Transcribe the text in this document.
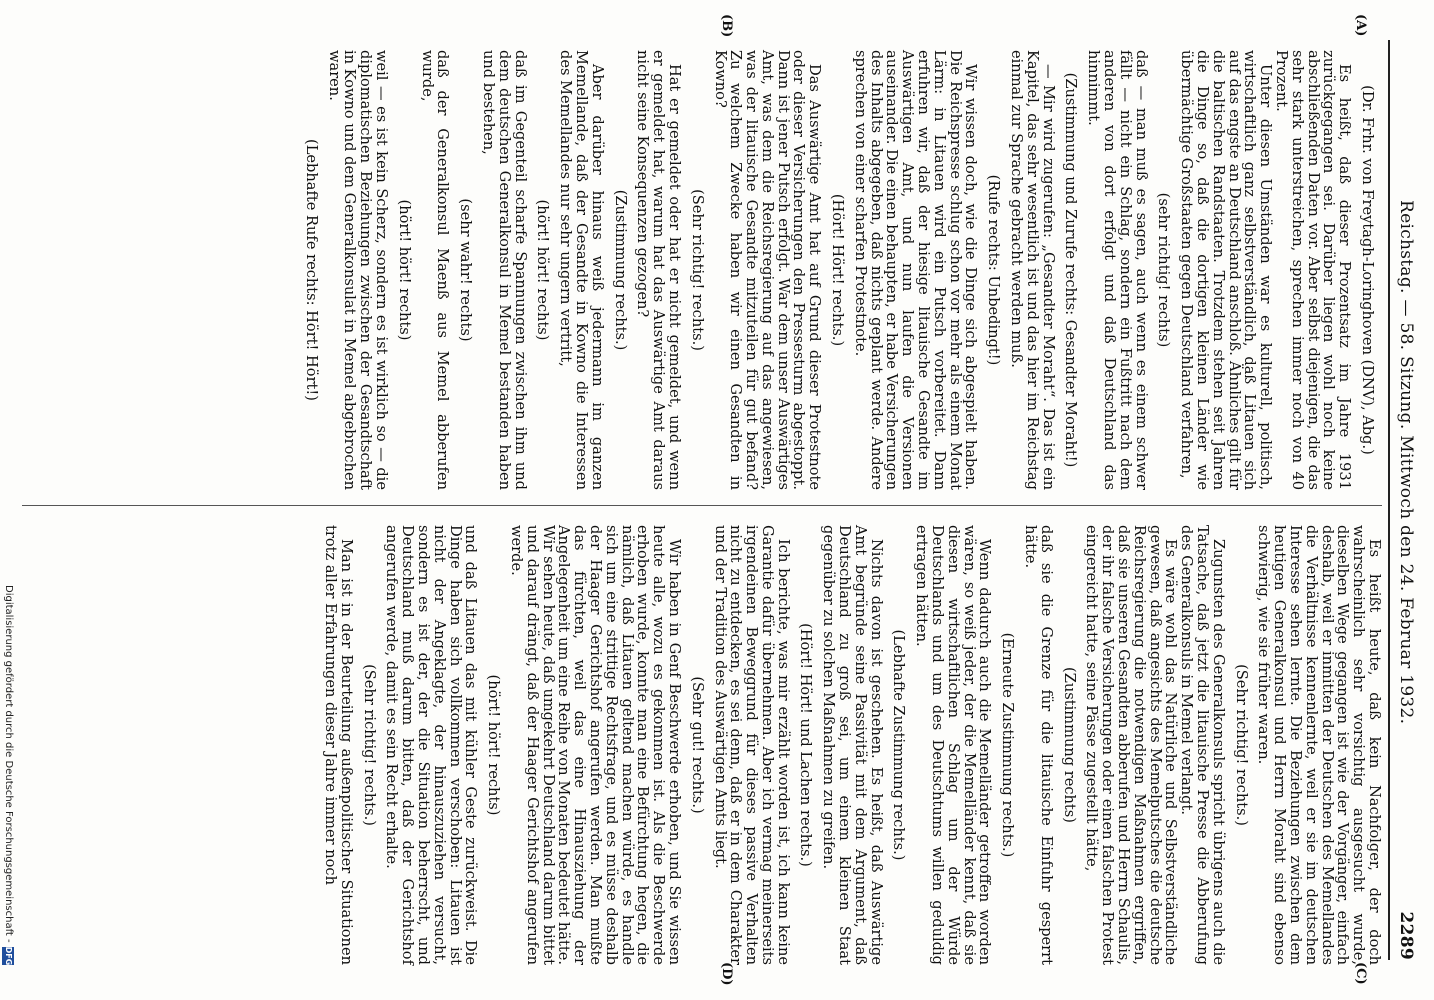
Reichstag. — 58. Sitzung. Mittwoch den 24. Februar 1932.
2289
(A)
(B)
(C)
(D)

(Dr. Frhr. von Freytagh-Loringhoven (DNV), Abg.)

Es heißt, daß dieser Prozentsatz im Jahre 1931 zurückgegangen sei. Darüber liegen wohl noch keine abschließenden Daten vor. Aber selbst diejenigen, die das sehr stark unterstreichen, sprechen immer noch von 40 Prozent.

Unter diesen Umständen war es kulturell, politisch, wirtschaftlich ganz selbstverständlich, daß Litauen sich auf das engste an Deutschland anschloß. Ähnliches gilt für die baltischen Randstaaten. Trotzdem stehen seit Jahren die Dinge so, daß die dortigen kleinen Länder wie übermächtige Großstaaten gegen Deutschland verfahren,

(sehr richtig! rechts)

daß — man muß es sagen, auch wenn es einem schwer fällt — nicht ein Schlag, sondern ein Fußtritt nach dem anderen von dort erfolgt und daß Deutschland das hinnimmt.

(Zustimmung und Zurufe rechts: Gesandter Moraht!)

— Mir wird zugerufen: „Gesandter Moraht“. Das ist ein Kapitel, das sehr wesentlich ist und das hier im Reichstag einmal zur Sprache gebracht werden muß.

(Rufe rechts: Unbedingt!)

Wir wissen doch, wie die Dinge sich abgespielt haben. Die Reichspresse schlug schon vor mehr als einem Monat Lärm: in Litauen wird ein Putsch vorbereitet. Dann erfuhren wir, daß der hiesige litauische Gesandte im Auswärtigen Amt, und nun laufen die Versionen auseinander. Die einen behaupten, er habe Versicherungen des Inhalts abgegeben, daß nichts geplant werde. Andere sprechen von einer scharfen Protestnote.

(Hört! Hört! rechts.)

Das Auswärtige Amt hat auf Grund dieser Protestnote oder dieser Versicherungen den Pressesturm abgestoppt. Dann ist jener Putsch erfolgt. War dem unser Auswärtiges Amt, was dem die Reichsregierung auf das angewiesen, was der litauische Gesandte mitzuteilen für gut befand? Zu welchem Zwecke haben wir einen Gesandten in Kowno?

(Sehr richtig! rechts.)

Hat er gemeldet oder hat er nicht gemeldet, und wenn er gemeldet hat, warum hat das Auswärtige Amt daraus nicht seine Konsequenzen gezogen?

(Zustimmung rechts.)

Aber darüber hinaus weiß jedermann im ganzen Memellande, daß der Gesandte in Kowno die Interessen des Memellandes nur sehr ungern vertritt,

(hört! hört! rechts)

daß im Gegenteil scharfe Spannungen zwischen ihm und dem deutschen Generalkonsul in Memel bestanden haben und bestehen,

(sehr wahr! rechts)

daß der Generalkonsul Maenß aus Memel abberufen wurde,

(hört! hört! rechts)

weil — es ist kein Scherz, sondern es ist wirklich so — die diplomatischen Beziehungen zwischen der Gesandtschaft in Kowno und dem Generalkonsulat in Memel abgebrochen waren.

(Lebhafte Rufe rechts: Hört! Hört!)

Es heißt heute, daß kein Nachfolger, der doch wahrscheinlich sehr vorsichtig ausgesucht wurde, dieselben Wege gegangen ist wie der Vorgänger, einfach deshalb, weil er inmitten der Deutschen des Memellandes die Verhältnisse kennenlernte, weil er sie im deutschen Interesse sehen lernte. Die Beziehungen zwischen dem heutigen Generalkonsul und Herrn Moraht sind ebenso schwierig, wie sie früher waren.

(Sehr richtig! rechts.)

Zugunsten des Generalkonsuls spricht übrigens auch die Tatsache, daß jetzt die litauische Presse die Abberufung des Generalkonsuls in Memel verlangt.

Es wäre wohl das Natürliche und Selbstverständliche gewesen, daß angesichts des Memelputsches die deutsche Reichsregierung die notwendigen Maßnahmen ergriffen, daß sie unseren Gesandten abberufen und Herrn Schaulis, der ihr falsche Versicherungen oder einen falschen Protest eingereicht hatte, seine Pässe zugestellt hätte,

(Zustimmung rechts)

daß sie die Grenze für die litauische Einfuhr gesperrt hätte.

(Erneute Zustimmung rechts.)

Wenn dadurch auch die Memelländer getroffen worden wären, so weiß jeder, der die Memelländer kennt, daß sie diesen wirtschaftlichen Schlag um der Würde Deutschlands und um des Deutschtums willen geduldig ertragen hätten.

(Lebhafte Zustimmung rechts.)

Nichts davon ist geschehen. Es heißt, daß Auswärtige Amt begründe seine Passivität mit dem Argument, daß Deutschland zu groß sei, um einem kleinen Staat gegenüber zu solchen Maßnahmen zu greifen.

(Hört! Hört! und Lachen rechts.)

Ich berichte, was mir erzählt worden ist, ich kann keine Garantie dafür übernehmen. Aber ich vermag meinerseits irgendeinen Beweggrund für dieses passive Verhalten nicht zu entdecken, es sei denn, daß er in dem Charakter und der Tradition des Auswärtigen Amts liegt.

(Sehr gut! rechts.)

Wir haben in Genf Beschwerde erhoben, und Sie wissen heute alle, wozu es gekommen ist. Als die Beschwerde erhoben wurde, konnte man eine Befürchtung hegen, die nämlich, daß Litauen geltend machen würde, es handle sich um eine strittige Rechtsfrage, und es müsse deshalb der Haager Gerichtshof angerufen werden. Man mußte das fürchten, weil das eine Hinausziehung der Angelegenheit um eine Reihe von Monaten bedeutet hätte. Wir sehen heute, daß umgekehrt Deutschland darum bittet und darauf drängt, daß der Haager Gerichtshof angerufen werde.

(hört! hört! rechts)

und daß Litauen das mit kühler Geste zurückweist. Die Dinge haben sich vollkommen verschoben: Litauen ist nicht der Angeklagte, der hinauszuziehen versucht, sondern es ist der, der die Situation beherrscht, und Deutschland muß darum bitten, daß der Gerichtshof angerufen werde, damit es sein Recht erhalte.

(Sehr richtig! rechts.)

Man ist in der Beurteilung außenpolitischer Situationen trotz aller Erfahrungen dieser Jahre immer noch

Digitalisierung gefördert durch die Deutsche Forschungsgemeinschaft -
DFG
